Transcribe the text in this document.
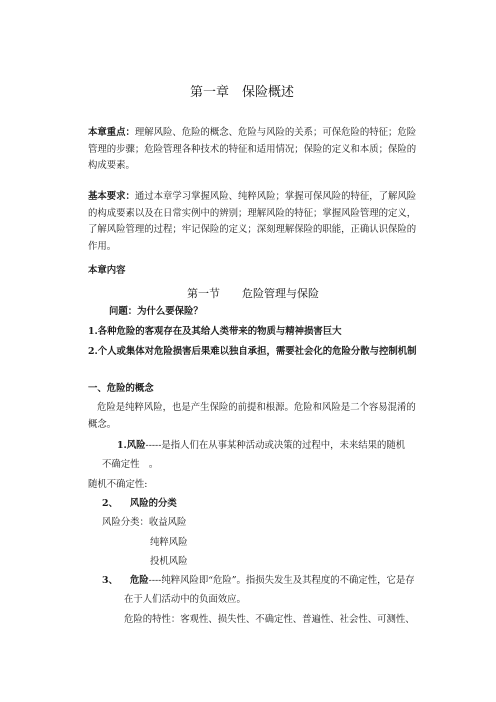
第一章　保险概述
本章重点：理解风险、危险的概念、危险与风险的关系；可保危险的特征；危险管理的步骤；危险管理各种技术的特征和适用情况；保险的定义和本质；保险的构成要素。
基本要求：通过本章学习掌握风险、纯粹风险；掌握可保风险的特征，了解风险的构成要素以及在日常实例中的辨别；理解风险的特征；掌握风险管理的定义，了解风险管理的过程；牢记保险的定义；深刻理解保险的职能，正确认识保险的作用。
本章内容
第一节　　危险管理与保险
问题：为什么要保险？
1.各种危险的客观存在及其给人类带来的物质与精神损害巨大
2.个人或集体对危险损害后果难以独自承担，需要社会化的危险分散与控制机制
一、危险的概念
危险是纯粹风险，也是产生保险的前提和根源。危险和风险是二个容易混淆的概念。
1.风险-----是指人们在从事某种活动或决策的过程中，未来结果的随机
不确定性　。
随机不确定性:
2、 风险的分类
风险分类：收益风险
纯粹风险
投机风险
3、 危险----纯粹风险即“危险”。指损失发生及其程度的不确定性，它是存
在于人们活动中的负面效应。
危险的特性：客观性、损失性、不确定性、普遍性、社会性、可测性、
